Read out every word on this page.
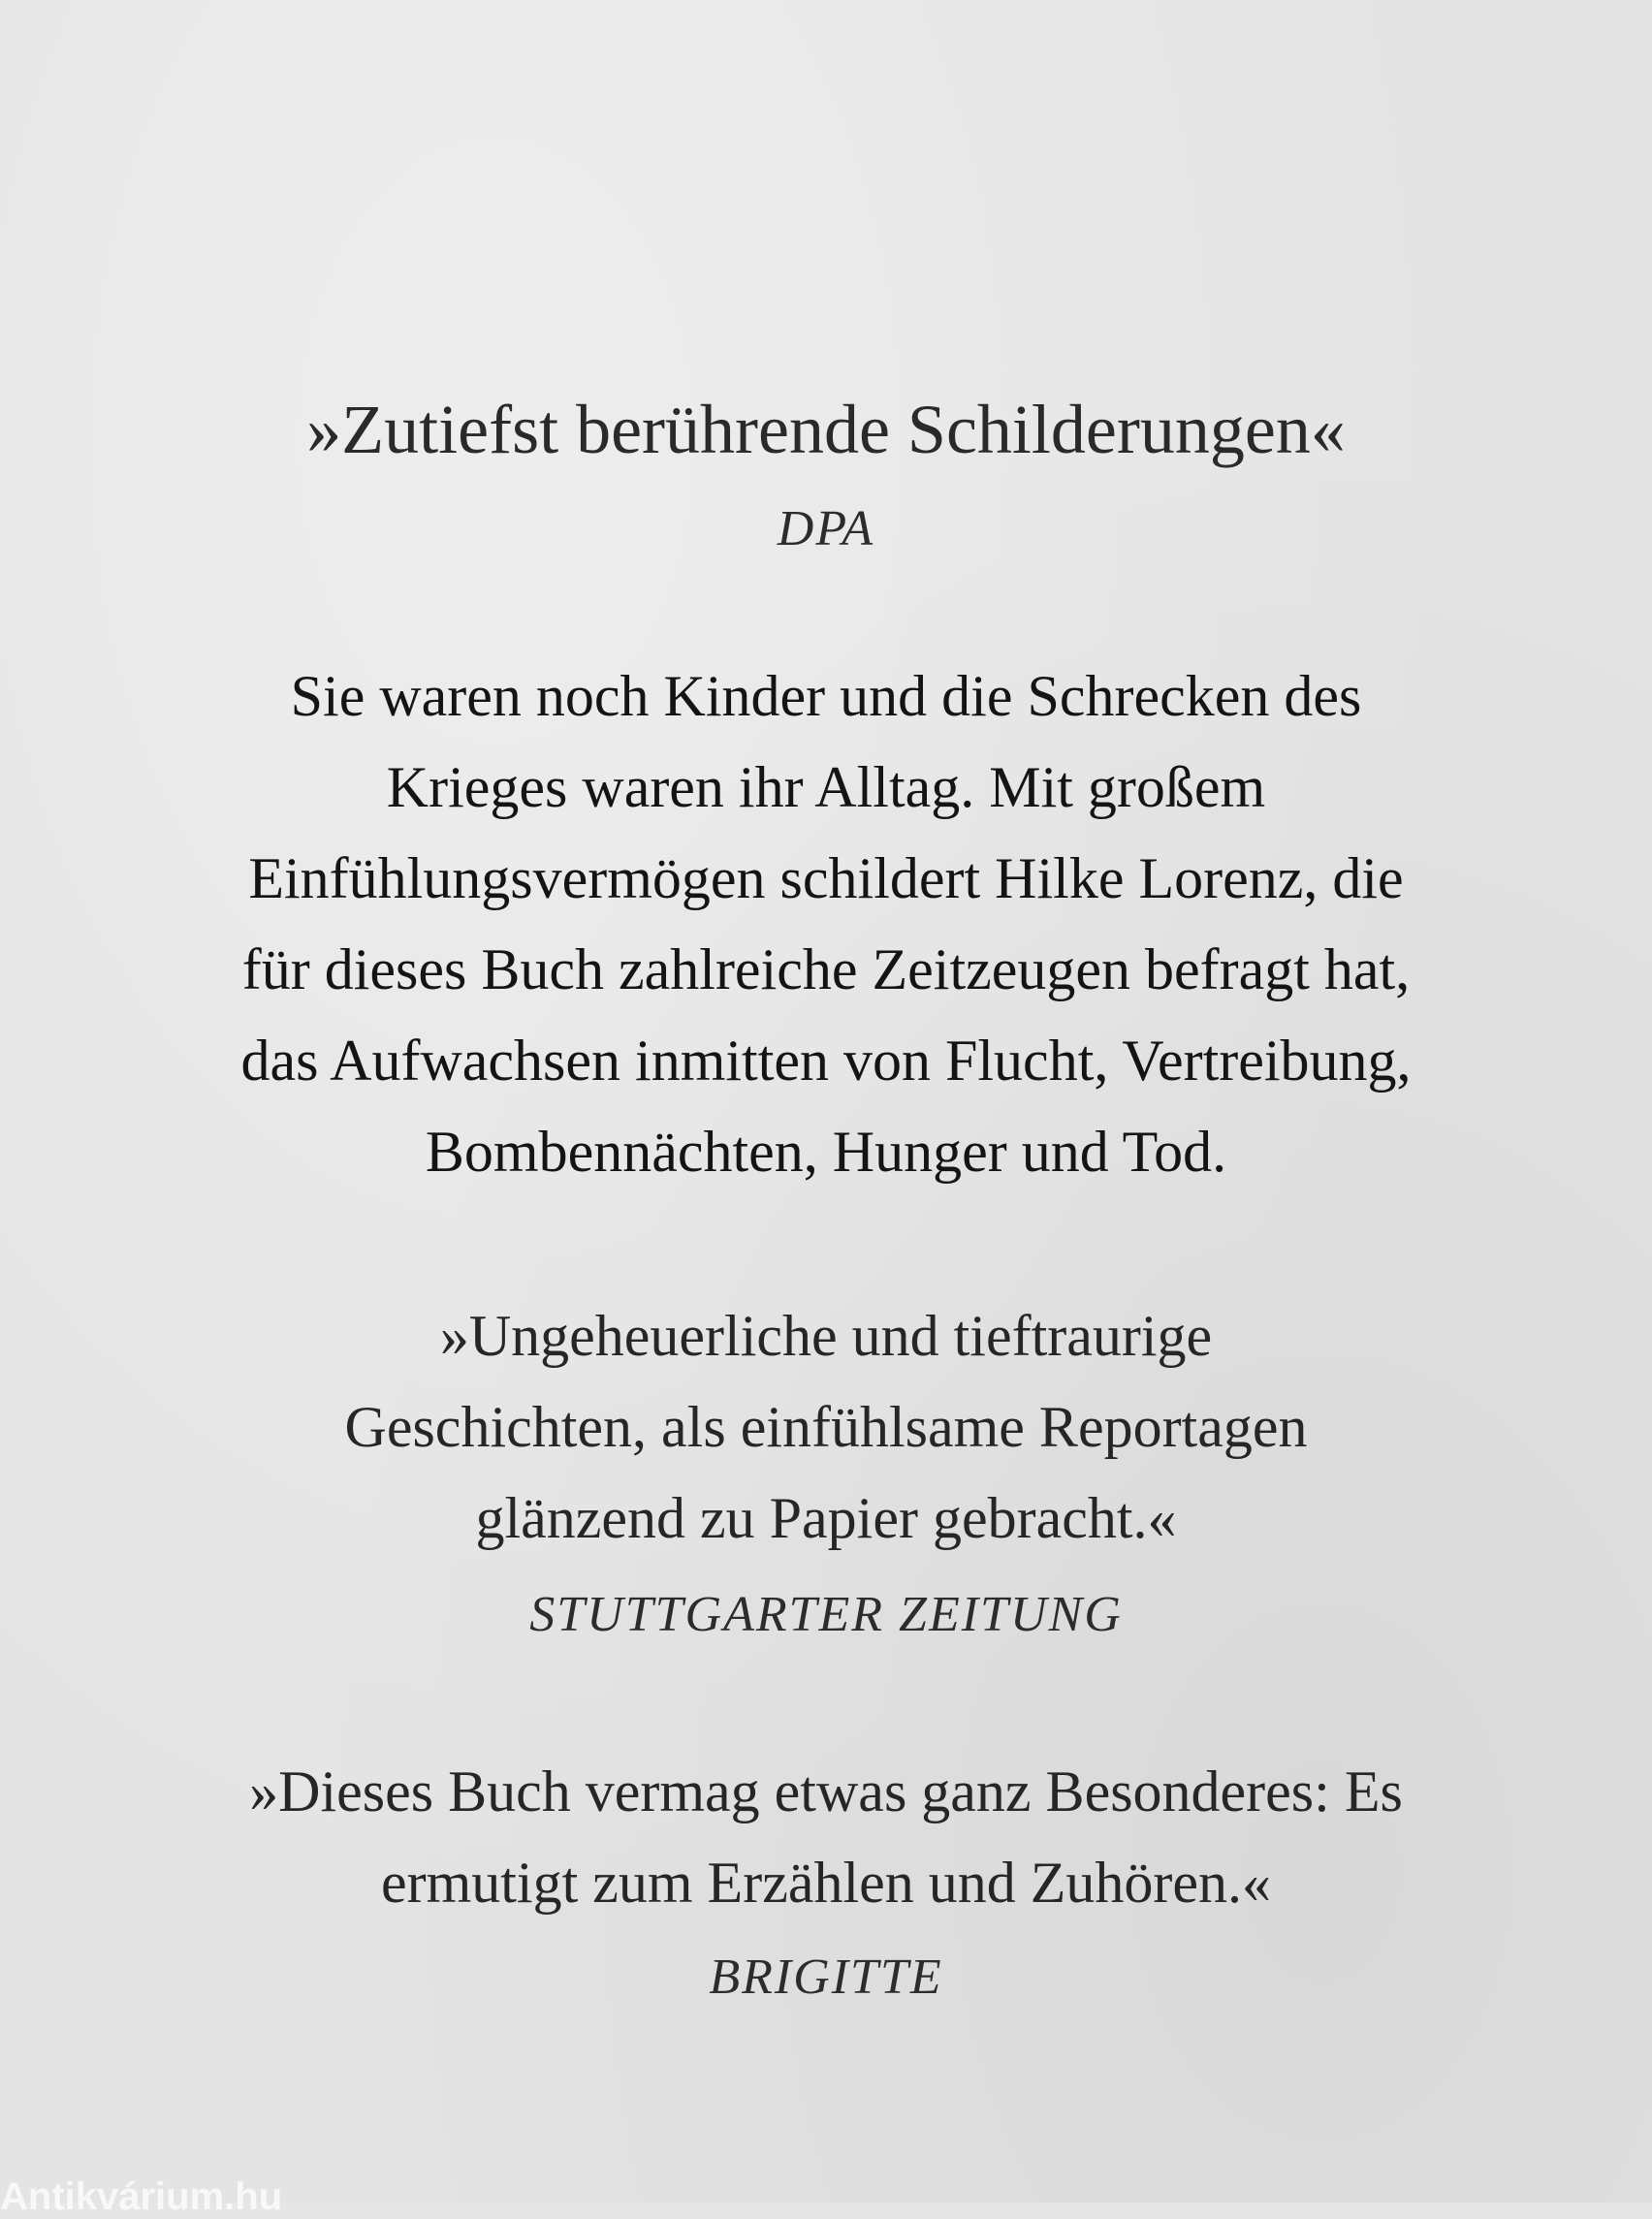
»Zutiefst berührende Schilderungen«
DPA
Sie waren noch Kinder und die Schrecken des
Krieges waren ihr Alltag. Mit großem
Einfühlungsvermögen schildert Hilke Lorenz, die
für dieses Buch zahlreiche Zeitzeugen befragt hat,
das Aufwachsen inmitten von Flucht, Vertreibung,
Bombennächten, Hunger und Tod.
»Ungeheuerliche und tieftraurige
Geschichten, als einfühlsame Reportagen
glänzend zu Papier gebracht.«
STUTTGARTER ZEITUNG
»Dieses Buch vermag etwas ganz Besonderes: Es
ermutigt zum Erzählen und Zuhören.«
BRIGITTE
Antikvárium.hu
